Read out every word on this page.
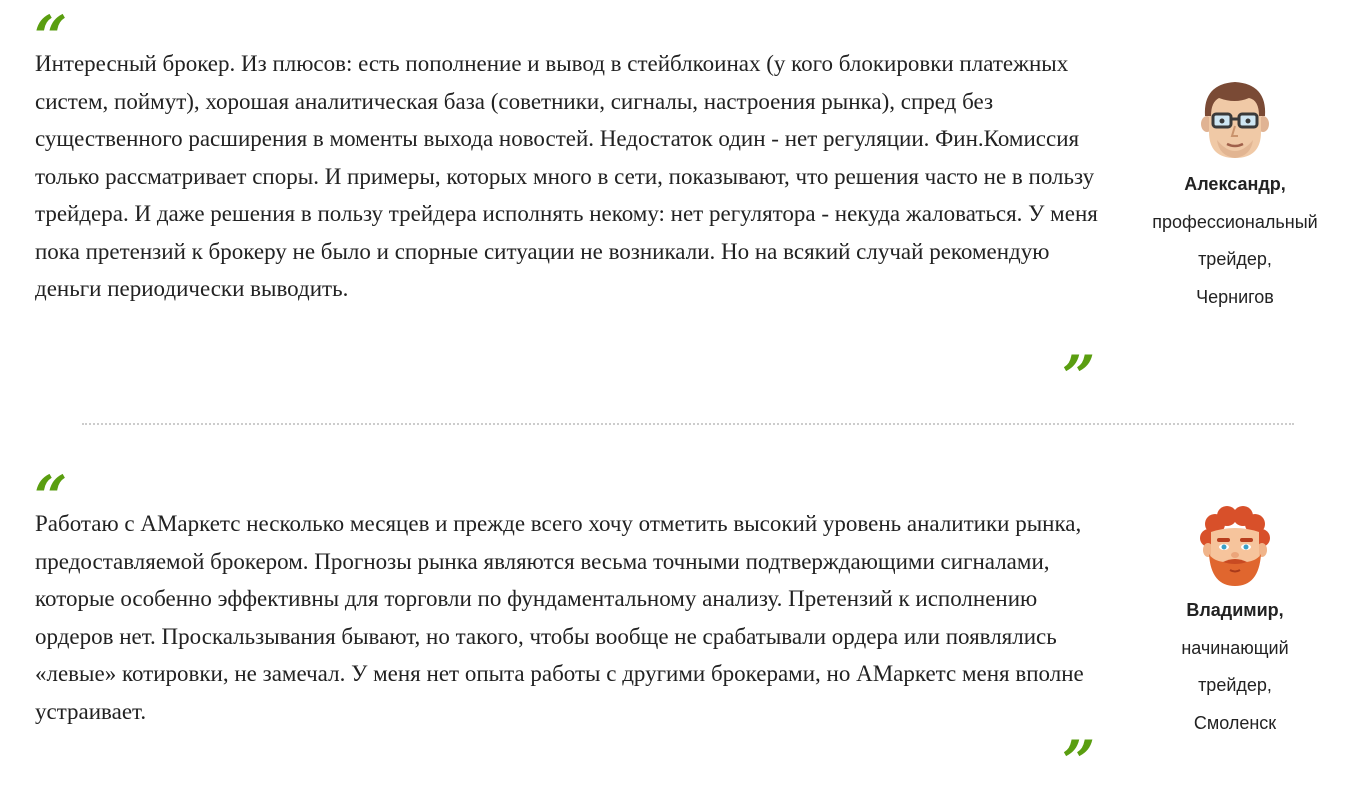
“

Интересный брокер. Из плюсов: есть пополнение и вывод в стейблкоинах (у кого блокировки платежных систем, поймут), хорошая аналитическая база (советники, сигналы, настроения рынка), спред без существенного расширения в моменты выхода новостей. Недостаток один - нет регуляции. Фин.Комиссия только рассматривает споры. И примеры, которых много в сети, показывают, что решения часто не в пользу трейдера. И даже решения в пользу трейдера исполнять некому: нет регулятора - некуда жаловаться. У меня пока претензий к брокеру не было и спорные ситуации не возникали. Но на всякий случай рекомендую деньги периодически выводить.

”
Александр,
профессиональный
трейдер,
Чернигов
“

Работаю с АМаркетс несколько месяцев и прежде всего хочу отметить высокий уровень аналитики рынка, предоставляемой брокером. Прогнозы рынка являются весьма точными подтверждающими сигналами, которые особенно эффективны для торговли по фундаментальному анализу. Претензий к исполнению ордеров нет. Проскальзывания бывают, но такого, чтобы вообще не срабатывали ордера или появлялись «левые» котировки, не замечал. У меня нет опыта работы с другими брокерами, но АМаркетс меня вполне устраивает.

”
Владимир,
начинающий
трейдер,
Смоленск
